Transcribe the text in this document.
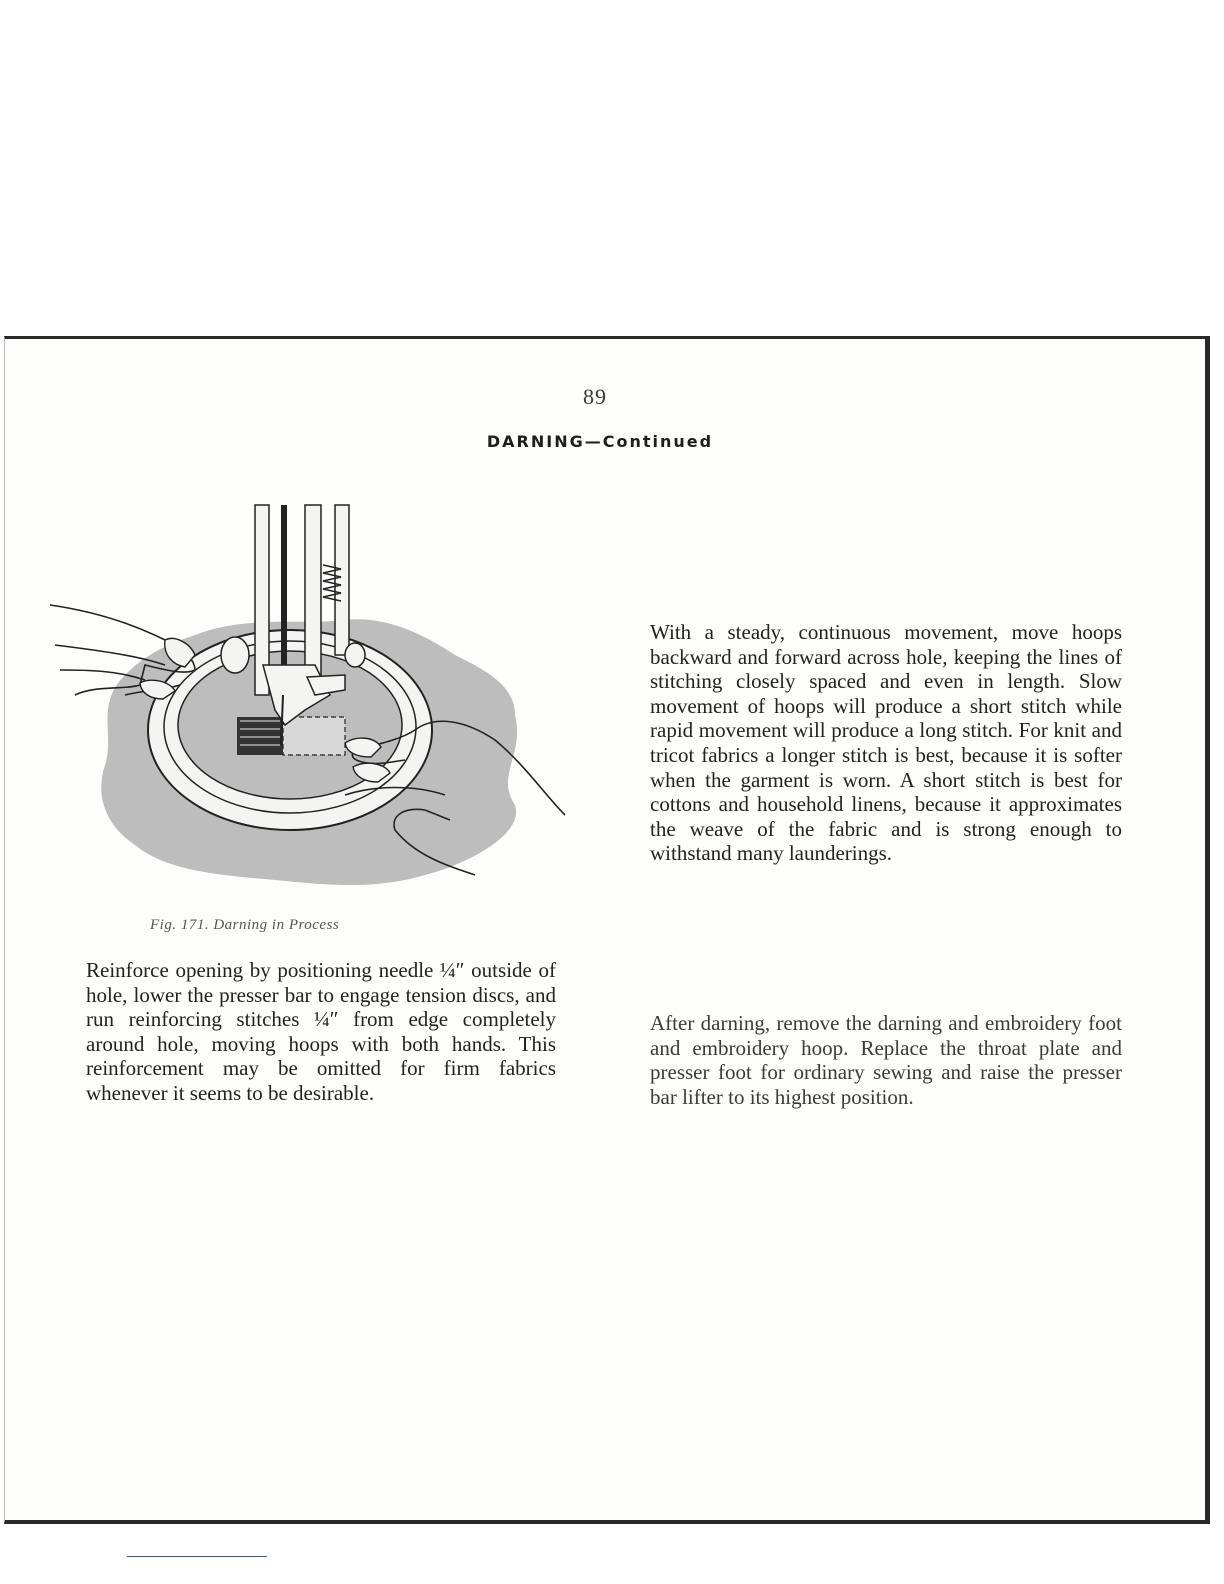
89
DARNING—Continued
Fig. 171. Darning in Process

Reinforce opening by positioning needle ¼″ outside of hole, lower the presser bar to engage tension discs, and run reinforcing stitches ¼″ from edge completely around hole, moving hoops with both hands. This reinforcement may be omitted for firm fabrics whenever it seems to be desirable.

With a steady, continuous movement, move hoops backward and forward across hole, keeping the lines of stitching closely spaced and even in length. Slow movement of hoops will produce a short stitch while rapid movement will produce a long stitch. For knit and tricot fabrics a longer stitch is best, because it is softer when the garment is worn. A short stitch is best for cottons and household linens, because it approximates the weave of the fabric and is strong enough to withstand many launderings.

After darning, remove the darning and embroidery foot and embroidery hoop. Replace the throat plate and presser foot for ordinary sewing and raise the presser bar lifter to its highest position.
